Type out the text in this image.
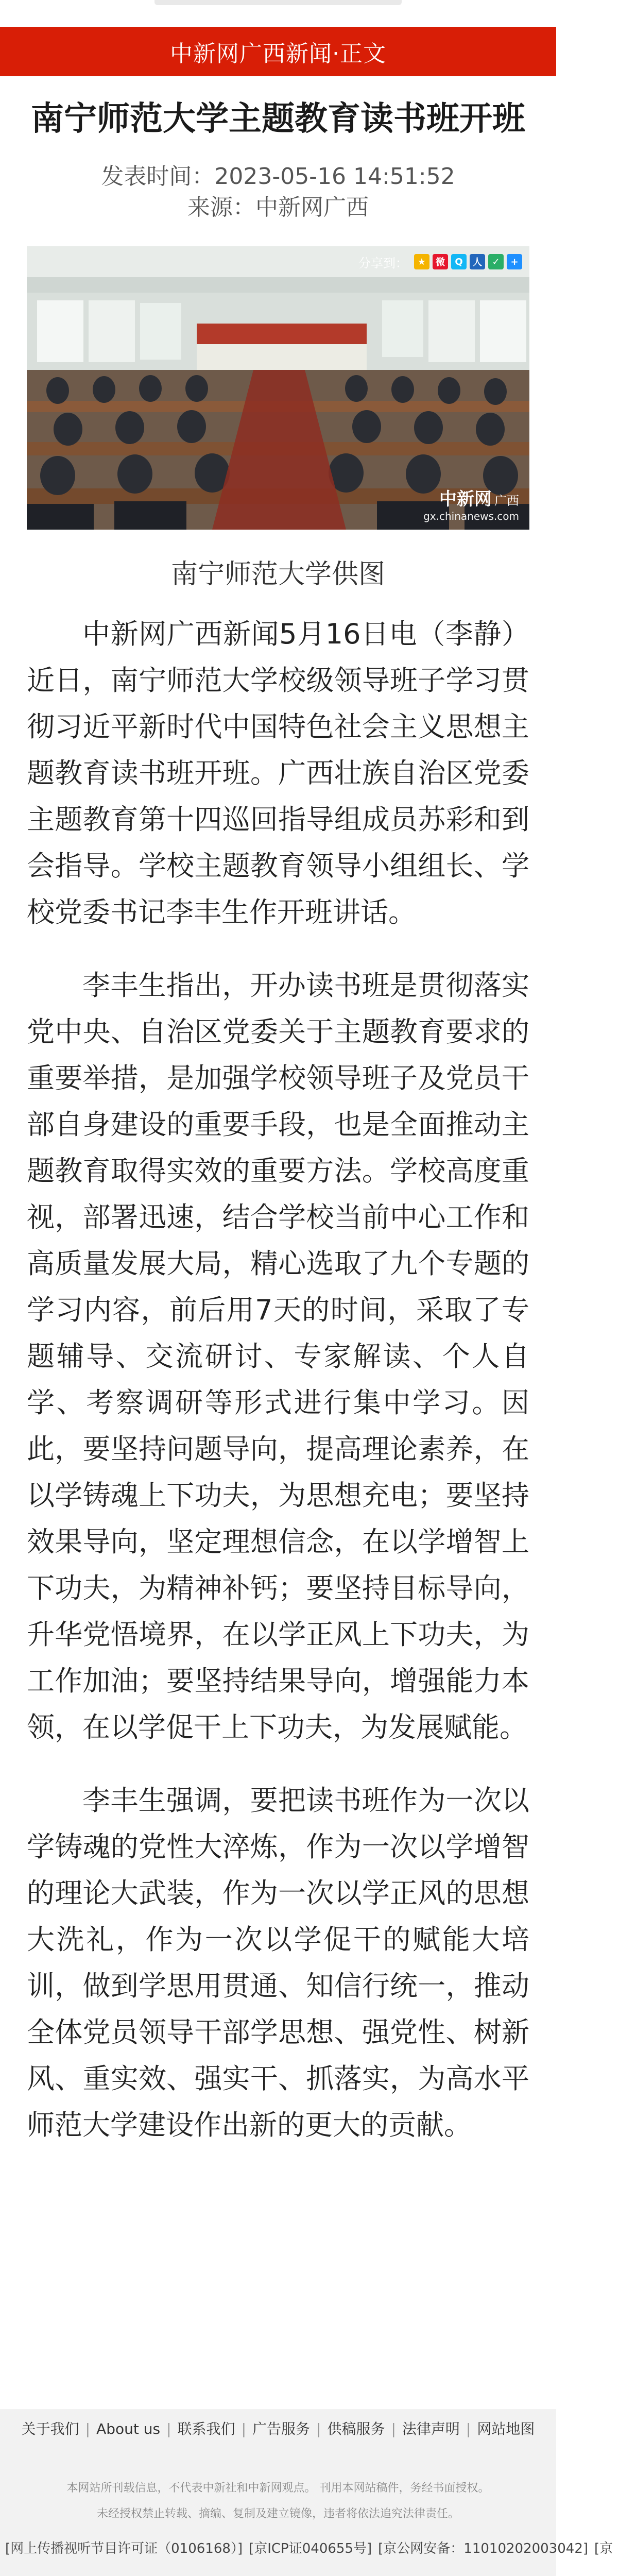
中新网广西新闻·正文
南宁师范大学主题教育读书班开班
发表时间：2023-05-16 14:51:52
来源：中新网广西
分享到：	★	微	Q	人	✓	+
中新网 广西
gx.chinanews.com
南宁师范大学供图

中新网广西新闻5月16日电（李静）近日，南宁师范大学校级领导班子学习贯彻习近平新时代中国特色社会主义思想主题教育读书班开班。广西壮族自治区党委主题教育第十四巡回指导组成员苏彩和到会指导。学校主题教育领导小组组长、学校党委书记李丰生作开班讲话。

李丰生指出，开办读书班是贯彻落实党中央、自治区党委关于主题教育要求的重要举措，是加强学校领导班子及党员干部自身建设的重要手段，也是全面推动主题教育取得实效的重要方法。学校高度重视，部署迅速，结合学校当前中心工作和高质量发展大局，精心选取了九个专题的学习内容，前后用7天的时间，采取了专题辅导、交流研讨、专家解读、个人自学、考察调研等形式进行集中学习。因此，要坚持问题导向，提高理论素养，在以学铸魂上下功夫，为思想充电；要坚持效果导向，坚定理想信念，在以学增智上下功夫，为精神补钙；要坚持目标导向，升华党悟境界，在以学正风上下功夫，为工作加油；要坚持结果导向，增强能力本领，在以学促干上下功夫，为发展赋能。

李丰生强调，要把读书班作为一次以学铸魂的党性大淬炼，作为一次以学增智的理论大武装，作为一次以学正风的思想大洗礼，作为一次以学促干的赋能大培训，做到学思用贯通、知信行统一，推动全体党员领导干部学思想、强党性、树新风、重实效、强实干、抓落实，为高水平师范大学建设作出新的更大的贡献。

关于我们 | About us | 联系我们 | 广告服务 | 供稿服务 | 法律声明 | 网站地图
本网站所刊载信息，不代表中新社和中新网观点。 刊用本网站稿件，务经书面授权。
未经授权禁止转载、摘编、复制及建立镜像，违者将依法追究法律责任。
[网上传播视听节目许可证（0106168）] [京ICP证040655号] [京公网安备：11010202003042] [京
